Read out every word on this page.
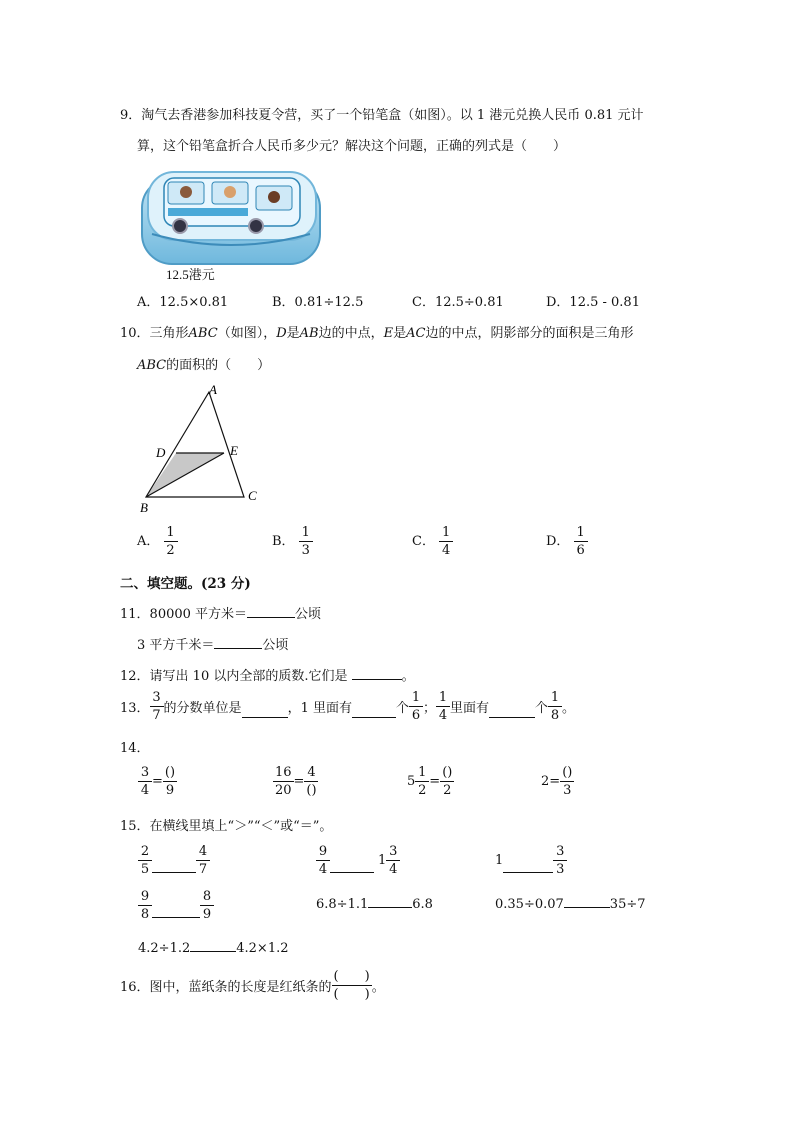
9．淘气去香港参加科技夏令营，买了一个铅笔盒（如图）。以 1 港元兑换人民币 0.81 元计
算，这个铅笔盒折合人民币多少元？解决这个问题，正确的列式是（　　）
12.5港元
A．12.5×0.81	B．0.81÷12.5	C．12.5÷0.81	D．12.5 - 0.81
10．三角形ABC（如图），D是AB边的中点，E是AC边的中点，阴影部分的面积是三角形
ABC的面积的（　　）
A
D	E
B
C
A． $\frac{1}{2}$	B． $\frac{1}{3}$	C． $\frac{1}{4}$	D． $\frac{1}{6}$
二、填空题。(23 分)
11．80000 平方米＝	公顷
3 平方千米＝	公顷
12．请写出 10 以内全部的质数.它们是	。
13． $\frac{3}{7}$ 的分数单位是	，1 里面有	个 $\frac{1}{6}$ ； $\frac{1}{4}$ 里面有	个 $\frac{1}{8}$ 。
14．
$\frac{3}{4} = \frac{()}{9}$	$\frac{16}{20} = \frac{4}{()}$	$5 \frac{1}{2} = \frac{()}{2}$	$2 = \frac{()}{3}$
15．在横线里填上“＞”“＜”或“＝”。
$\frac{2}{5}$	$\frac{4}{7}$	$\frac{9}{4}$	$1 \frac{3}{4}$	1	$\frac{3}{3}$
$\frac{9}{8}$	$\frac{8}{9}$	6.8÷1.1	6.8	0.35÷0.07	35÷7
4.2÷1.2	4.2×1.2
16．图中，蓝纸条的长度是红纸条的 $\frac{( )}{( )}$ 。
